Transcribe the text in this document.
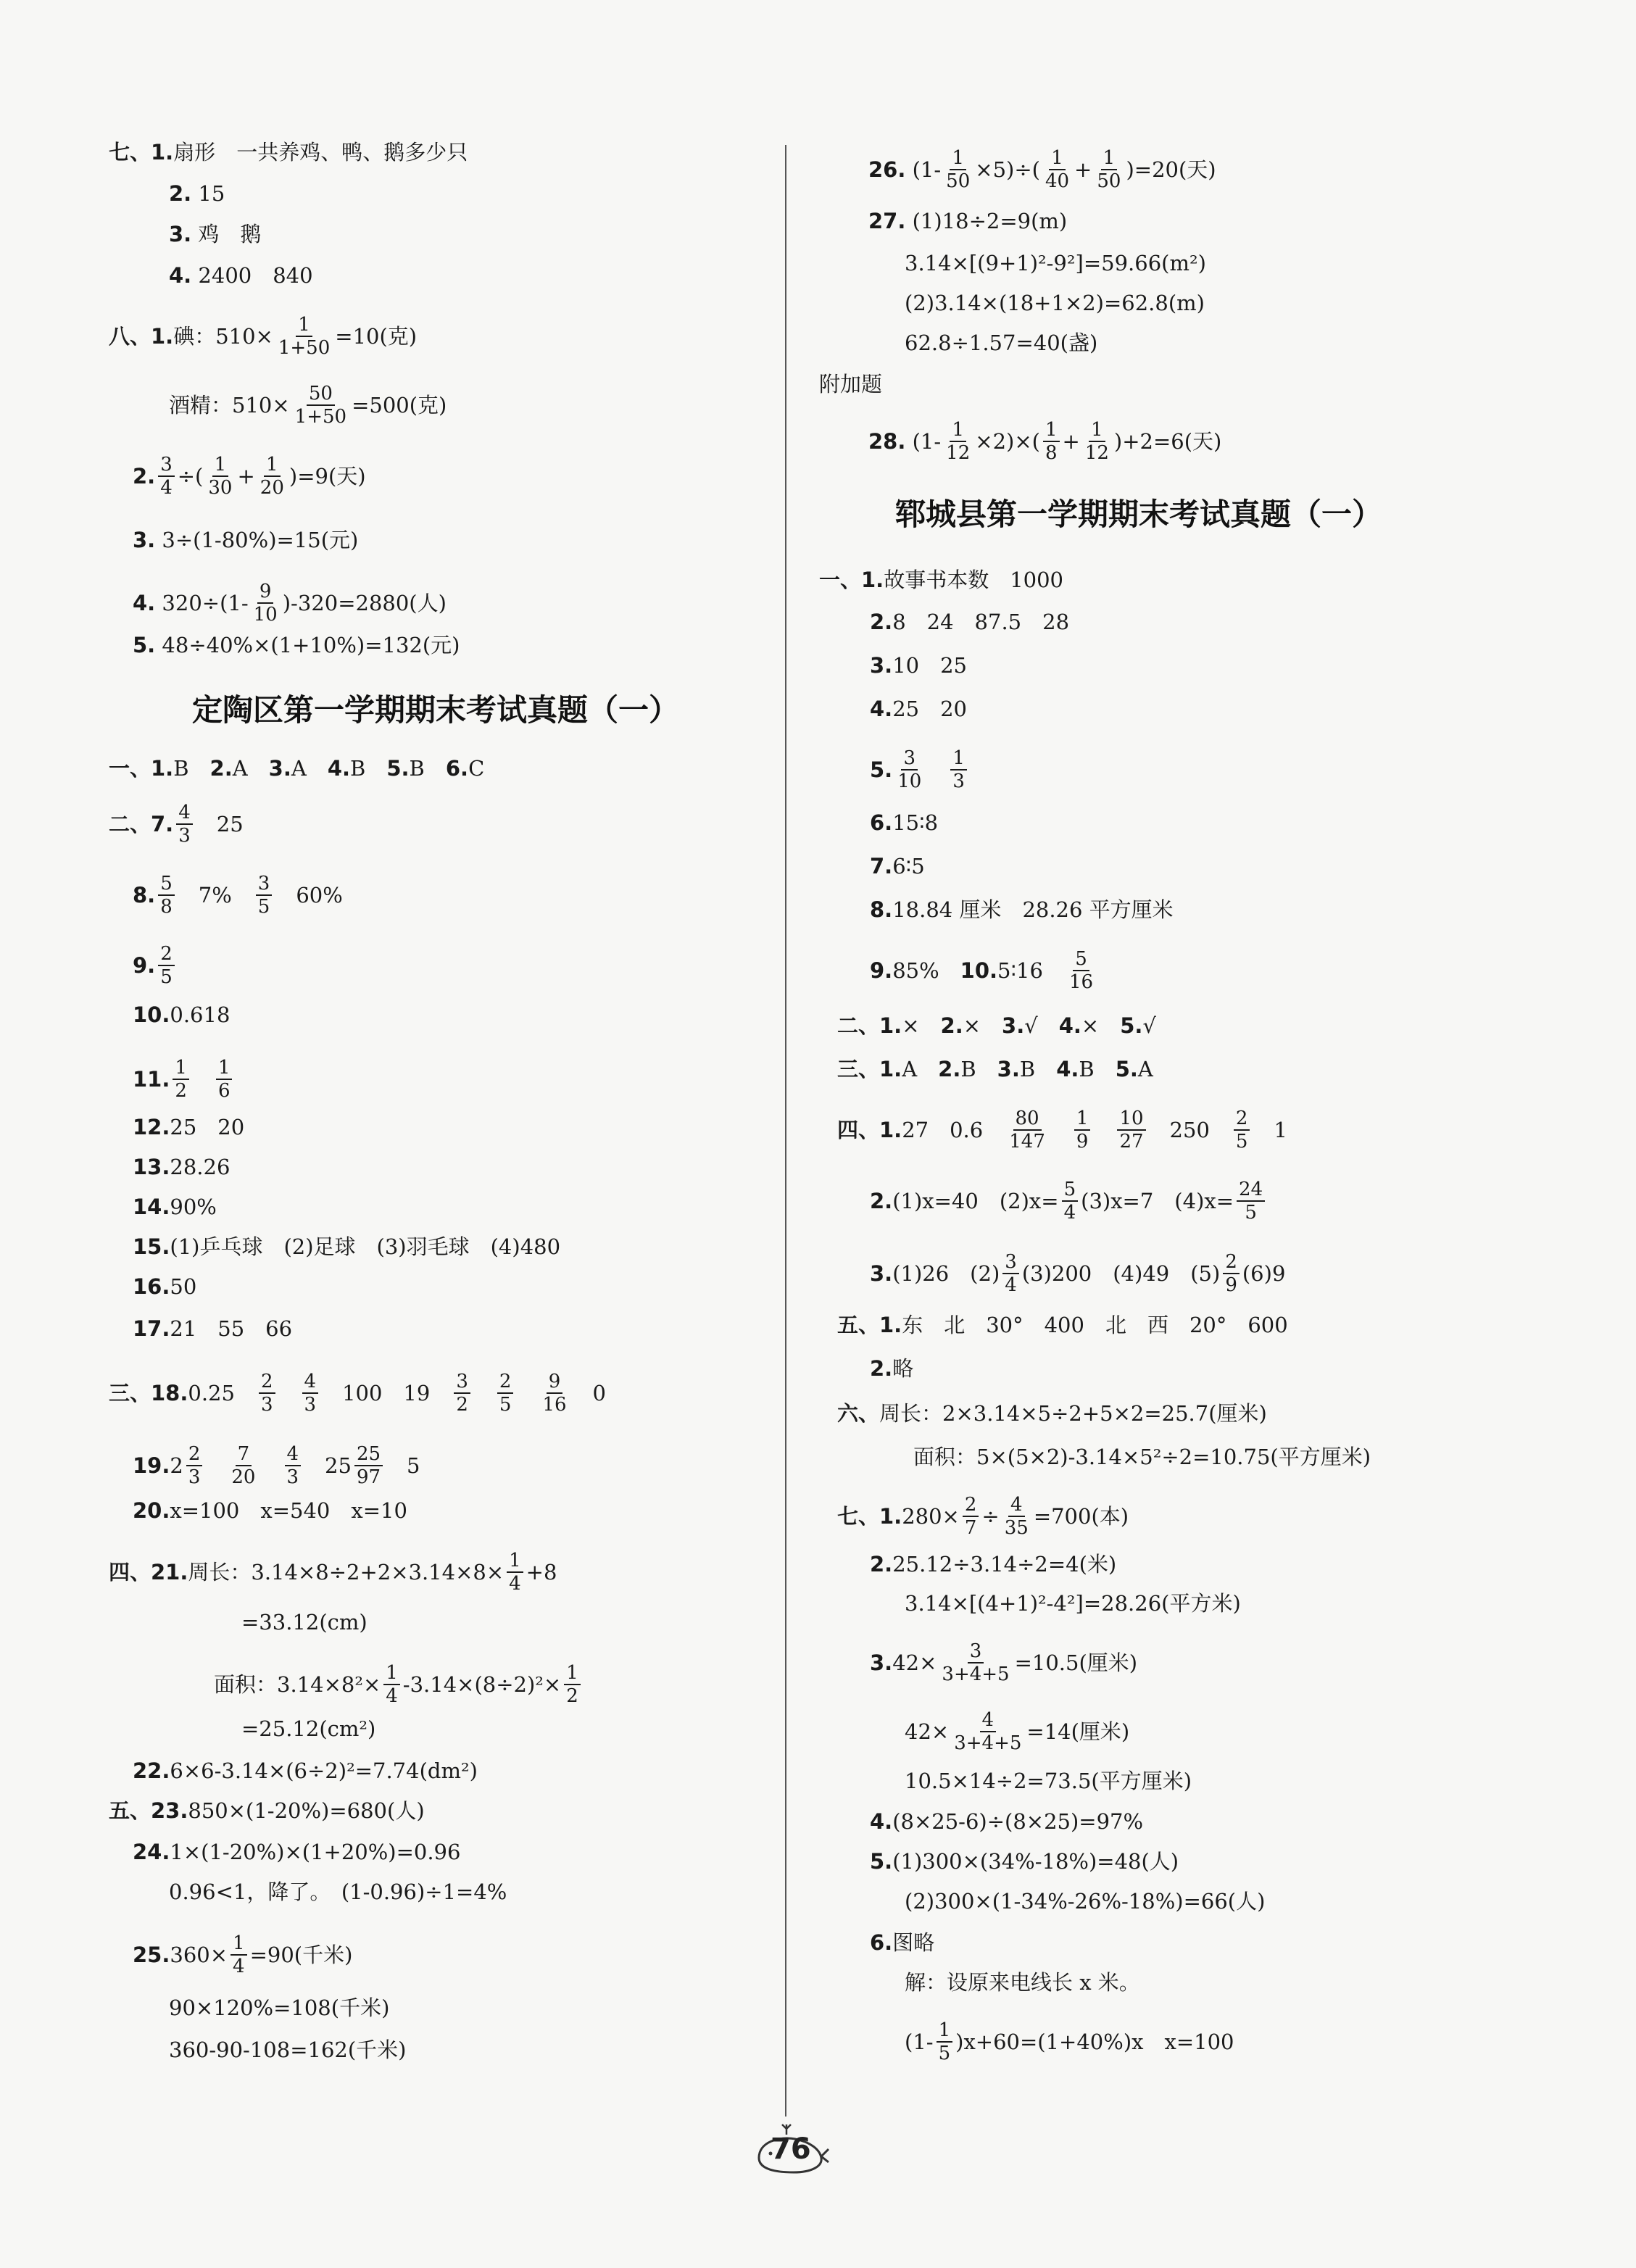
七、1.扇形　一共养鸡、鸭、鹅多少只
2. 15
3. 鸡　鹅
4. 2400　840
八、1.碘：$510\times \frac{1}{1+50} =10$(克)
酒精：$510\times \frac{50}{1+50} =500$(克)
2. $\frac{3}{4}$ ÷( $\frac{1}{30} + \frac{1}{20} )=9$(天)
3. 3÷(1-80%)=15(元)
4. $320\div(1- \frac{9}{10} )-320=2880$(人)
5. 48÷40%×(1+10%)=132(元)
定陶区第一学期期末考试真题（一）
一、1.B　2.A　3.A　4.B　5.B　6.C
二、7. $\frac{4}{3}$ 　25
8. $\frac{5}{8}$ 　7%　 $\frac{3}{5}$ 　60%
9. $\frac{2}{5}$
10.0.618
11. $\frac{1}{2}$
　 $\frac{1}{6}$
12.25　20
13.28.26
14.90%
15.(1)乒乓球　(2)足球　(3)羽毛球　(4)480
16.50
17.21　55　66
三、18.0.25　 $\frac{2}{3}$
　 $\frac{4}{3}$ 　100　19　 $\frac{3}{2}$
　 $\frac{2}{5}$
　 $\frac{9}{16}$ 　0
$19.2 \frac{2}{3}$
　 $\frac{7}{20}$
　 $\frac{4}{3}$ 　$25 \frac{25}{97}$ 　5
20.x=100　x=540　x=10
四、21.周长：$3.14\times 8\div 2+2\times 3.14\times 8\times \frac{1}{4} +8$
=33.12(cm)
面积：$3.14\times 8^2\times \frac{1}{4} -3.14\times(8\div 2)^2\times \frac{1}{2}$
=25.12(cm²)
22.6×6-3.14×(6÷2)²=7.74(dm²)
五、23.850×(1-20%)=680(人)
24.1×(1-20%)×(1+20%)=0.96
0.96<1，降了。　(1-0.96)÷1=4%
$25.360\times \frac{1}{4} =90$(千米)
90×120%=108(千米)
360-90-108=162(千米)
26. $(1- \frac{1}{50} \times 5)\div( \frac{1}{40} + \frac{1}{50} )=20$(天)
27. (1)18÷2=9(m)
3.14×[(9+1)²-9²]=59.66(m²)
(2)3.14×(18+1×2)=62.8(m)
62.8÷1.57=40(盏)
附加题
28. $(1- \frac{1}{12} \times 2)\times( \frac{1}{8} + \frac{1}{12} )+2=6$(天)
郓城县第一学期期末考试真题（一）
一、1.故事书本数　1000
2.8　24　87.5　28
3.10　25
4.25　20
5. $\frac{3}{10}$
　 $\frac{1}{3}$
6.15∶8
7.6∶5
8.18.84 厘米　28.26 平方厘米
9.85%　10.5∶16　 $\frac{5}{16}$
二、1.×　2.×　3.√　4.×　5.√
三、1.A　2.B　3.B　4.B　5.A
四、1.27　0.6　 $\frac{80}{147}$
　 $\frac{1}{9}$
　 $\frac{10}{27}$ 　250　 $\frac{2}{5}$ 　1
2.(1)x=40　$(2)x= \frac{5}{4} (3)x=7$　$(4)x= \frac{24}{5}$
3.(1)26　$(2) \frac{3}{4} (3)200$　(4)49　$(5) \frac{2}{9} (6)9$
五、1.东　北　30°　400　北　西　20°　600
2.略
六、周长：2×3.14×5÷2+5×2=25.7(厘米)
面积：5×(5×2)-3.14×5²÷2=10.75(平方厘米)
七、$1.280\times \frac{2}{7} \div \frac{4}{35} =700$(本)
2.25.12÷3.14÷2=4(米)
3.14×[(4+1)²-4²]=28.26(平方米)
$3.42\times \frac{3}{3+4+5} =10.5$(厘米)
$42\times \frac{4}{3+4+5} =14$(厘米)
10.5×14÷2=73.5(平方厘米)
4.(8×25-6)÷(8×25)=97%
5.(1)300×(34%-18%)=48(人)
(2)300×(1-34%-26%-18%)=66(人)
6.图略
解：设原来电线长 x 米。
$(1- \frac{1}{5} )x+60=(1+40\%)x$　x=100
76
